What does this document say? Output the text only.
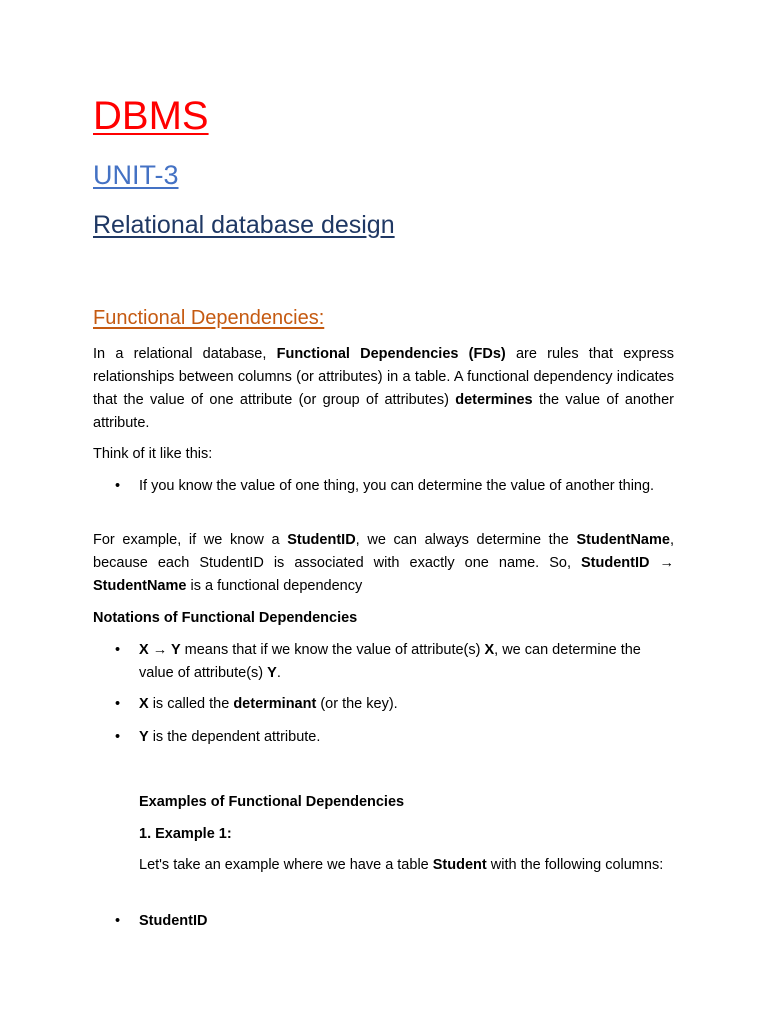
DBMS
UNIT-3
Relational database design
Functional Dependencies:

In a relational database, Functional Dependencies (FDs) are rules that express relationships between columns (or attributes) in a table. A functional dependency indicates that the value of one attribute (or group of attributes) determines the value of another attribute.

Think of it like this:

• If you know the value of one thing, you can determine the value of another thing.

For example, if we know a StudentID, we can always determine the StudentName, because each StudentID is associated with exactly one name. So, StudentID → StudentName is a functional dependency

Notations of Functional Dependencies

• X → Y means that if we know the value of attribute(s) X, we can determine the value of attribute(s) Y.

• X is called the determinant (or the key).

• Y is the dependent attribute.

Examples of Functional Dependencies

1. Example 1:

Let's take an example where we have a table Student with the following columns:

• StudentID
